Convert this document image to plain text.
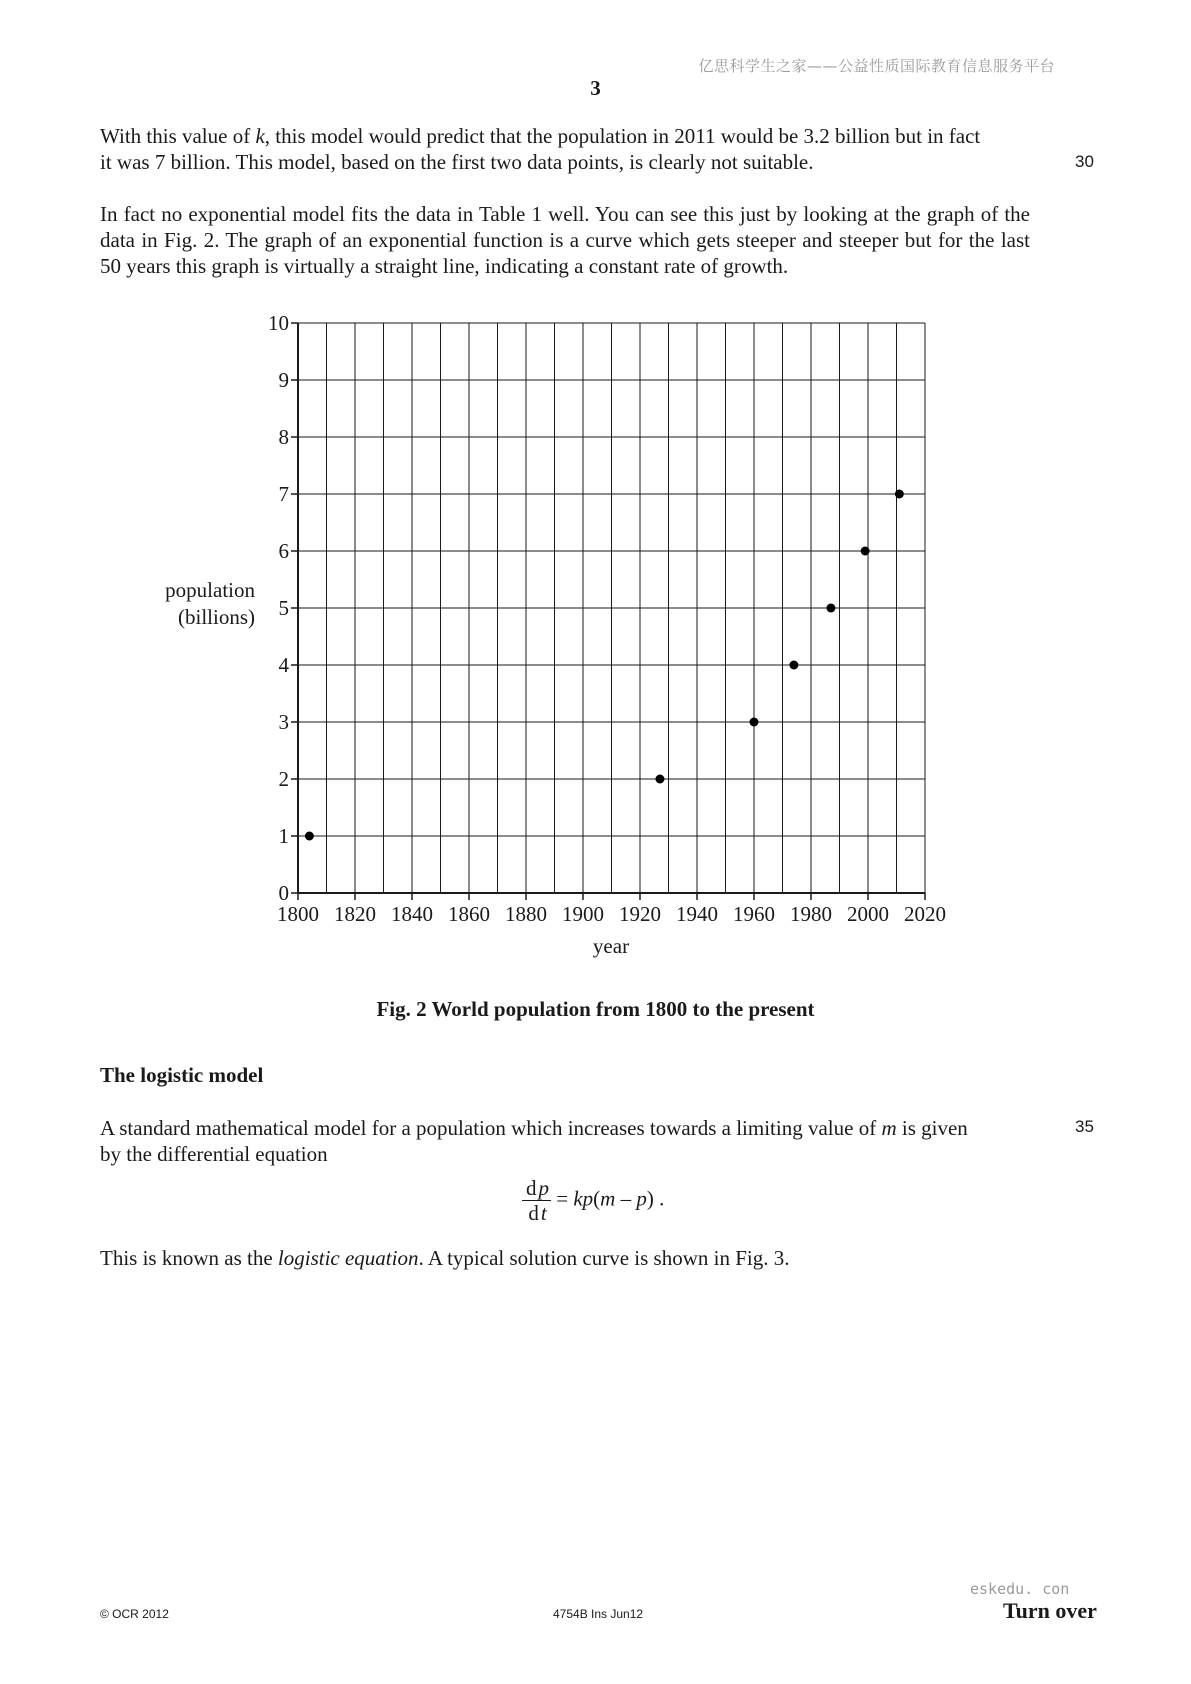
亿思科学生之家——公益性质国际教育信息服务平台
3

With this value of k, this model would predict that the population in 2011 would be 3.2 billion but in fact

it was 7 billion. This model, based on the first two data points, is clearly not suitable.	30

In fact no exponential model fits the data in Table 1 well. You can see this just by looking at the graph of the data in Fig. 2. The graph of an exponential function is a curve which gets steeper and steeper but for the last 50 years this graph is virtually a straight line, indicating a constant rate of growth.

1800 1820 1840 1860 1880 1900 1920 1940 1960 1980 2000 2020
0
1
2
3
4
5
6
7
8
9
10
population
(billions)
year
Fig. 2 World population from 1800 to the present
The logistic model

A standard mathematical model for a population which increases towards a limiting value of m is given

by the differential equation

35
$\frac{dp}{dt} = kp(m - p)$ .

This is known as the logistic equation. A typical solution curve is shown in Fig. 3.

eskedu. con
© OCR 2012	4754B Ins Jun12	Turn over
